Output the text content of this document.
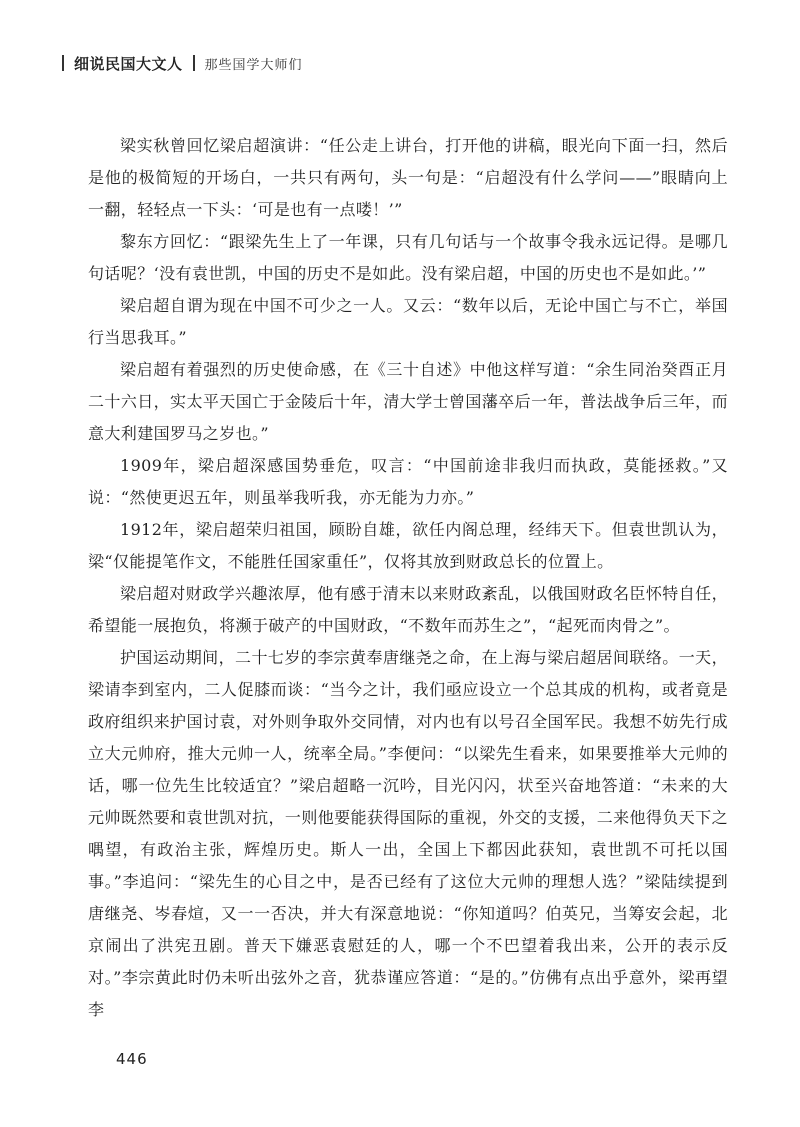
细说民国大文人 那些国学大师们

梁实秋曾回忆梁启超演讲：“任公走上讲台，打开他的讲稿，眼光向下面一扫，然后是他的极简短的开场白，一共只有两句，头一句是：“启超没有什么学问——”眼睛向上一翻，轻轻点一下头：‘可是也有一点喽！’”

黎东方回忆：“跟梁先生上了一年课，只有几句话与一个故事令我永远记得。是哪几句话呢？‘没有袁世凯，中国的历史不是如此。没有梁启超，中国的历史也不是如此。’”

梁启超自谓为现在中国不可少之一人。又云：“数年以后，无论中国亡与不亡，举国行当思我耳。”

梁启超有着强烈的历史使命感，在《三十自述》中他这样写道：“余生同治癸酉正月二十六日，实太平天国亡于金陵后十年，清大学士曾国藩卒后一年，普法战争后三年，而意大利建国罗马之岁也。”

1909年，梁启超深感国势垂危，叹言：“中国前途非我归而执政，莫能拯救。”又说：“然使更迟五年，则虽举我听我，亦无能为力亦。”

1912年，梁启超荣归祖国，顾盼自雄，欲任内阁总理，经纬天下。但袁世凯认为，梁“仅能提笔作文，不能胜任国家重任”，仅将其放到财政总长的位置上。

梁启超对财政学兴趣浓厚，他有感于清末以来财政紊乱，以俄国财政名臣怀特自任，希望能一展抱负，将濒于破产的中国财政，“不数年而苏生之”，“起死而肉骨之”。

护国运动期间，二十七岁的李宗黄奉唐继尧之命，在上海与梁启超居间联络。一天，梁请李到室内，二人促膝而谈：“当今之计，我们亟应设立一个总其成的机构，或者竟是政府组织来护国讨袁，对外则争取外交同情，对内也有以号召全国军民。我想不妨先行成立大元帅府，推大元帅一人，统率全局。”李便问：“以梁先生看来，如果要推举大元帅的话，哪一位先生比较适宜？”梁启超略一沉吟，目光闪闪，状至兴奋地答道：“未来的大元帅既然要和袁世凯对抗，一则他要能获得国际的重视，外交的支援，二来他得负天下之喁望，有政治主张，辉煌历史。斯人一出，全国上下都因此获知，袁世凯不可托以国事。”李追问：“梁先生的心目之中，是否已经有了这位大元帅的理想人选？”梁陆续提到唐继尧、岑春煊，又一一否决，并大有深意地说：“你知道吗？伯英兄，当筹安会起，北京闹出了洪宪丑剧。普天下嫌恶袁慰廷的人，哪一个不巴望着我出来，公开的表示反对。”李宗黄此时仍未听出弦外之音，犹恭谨应答道：“是的。”仿佛有点出乎意外，梁再望李

446
